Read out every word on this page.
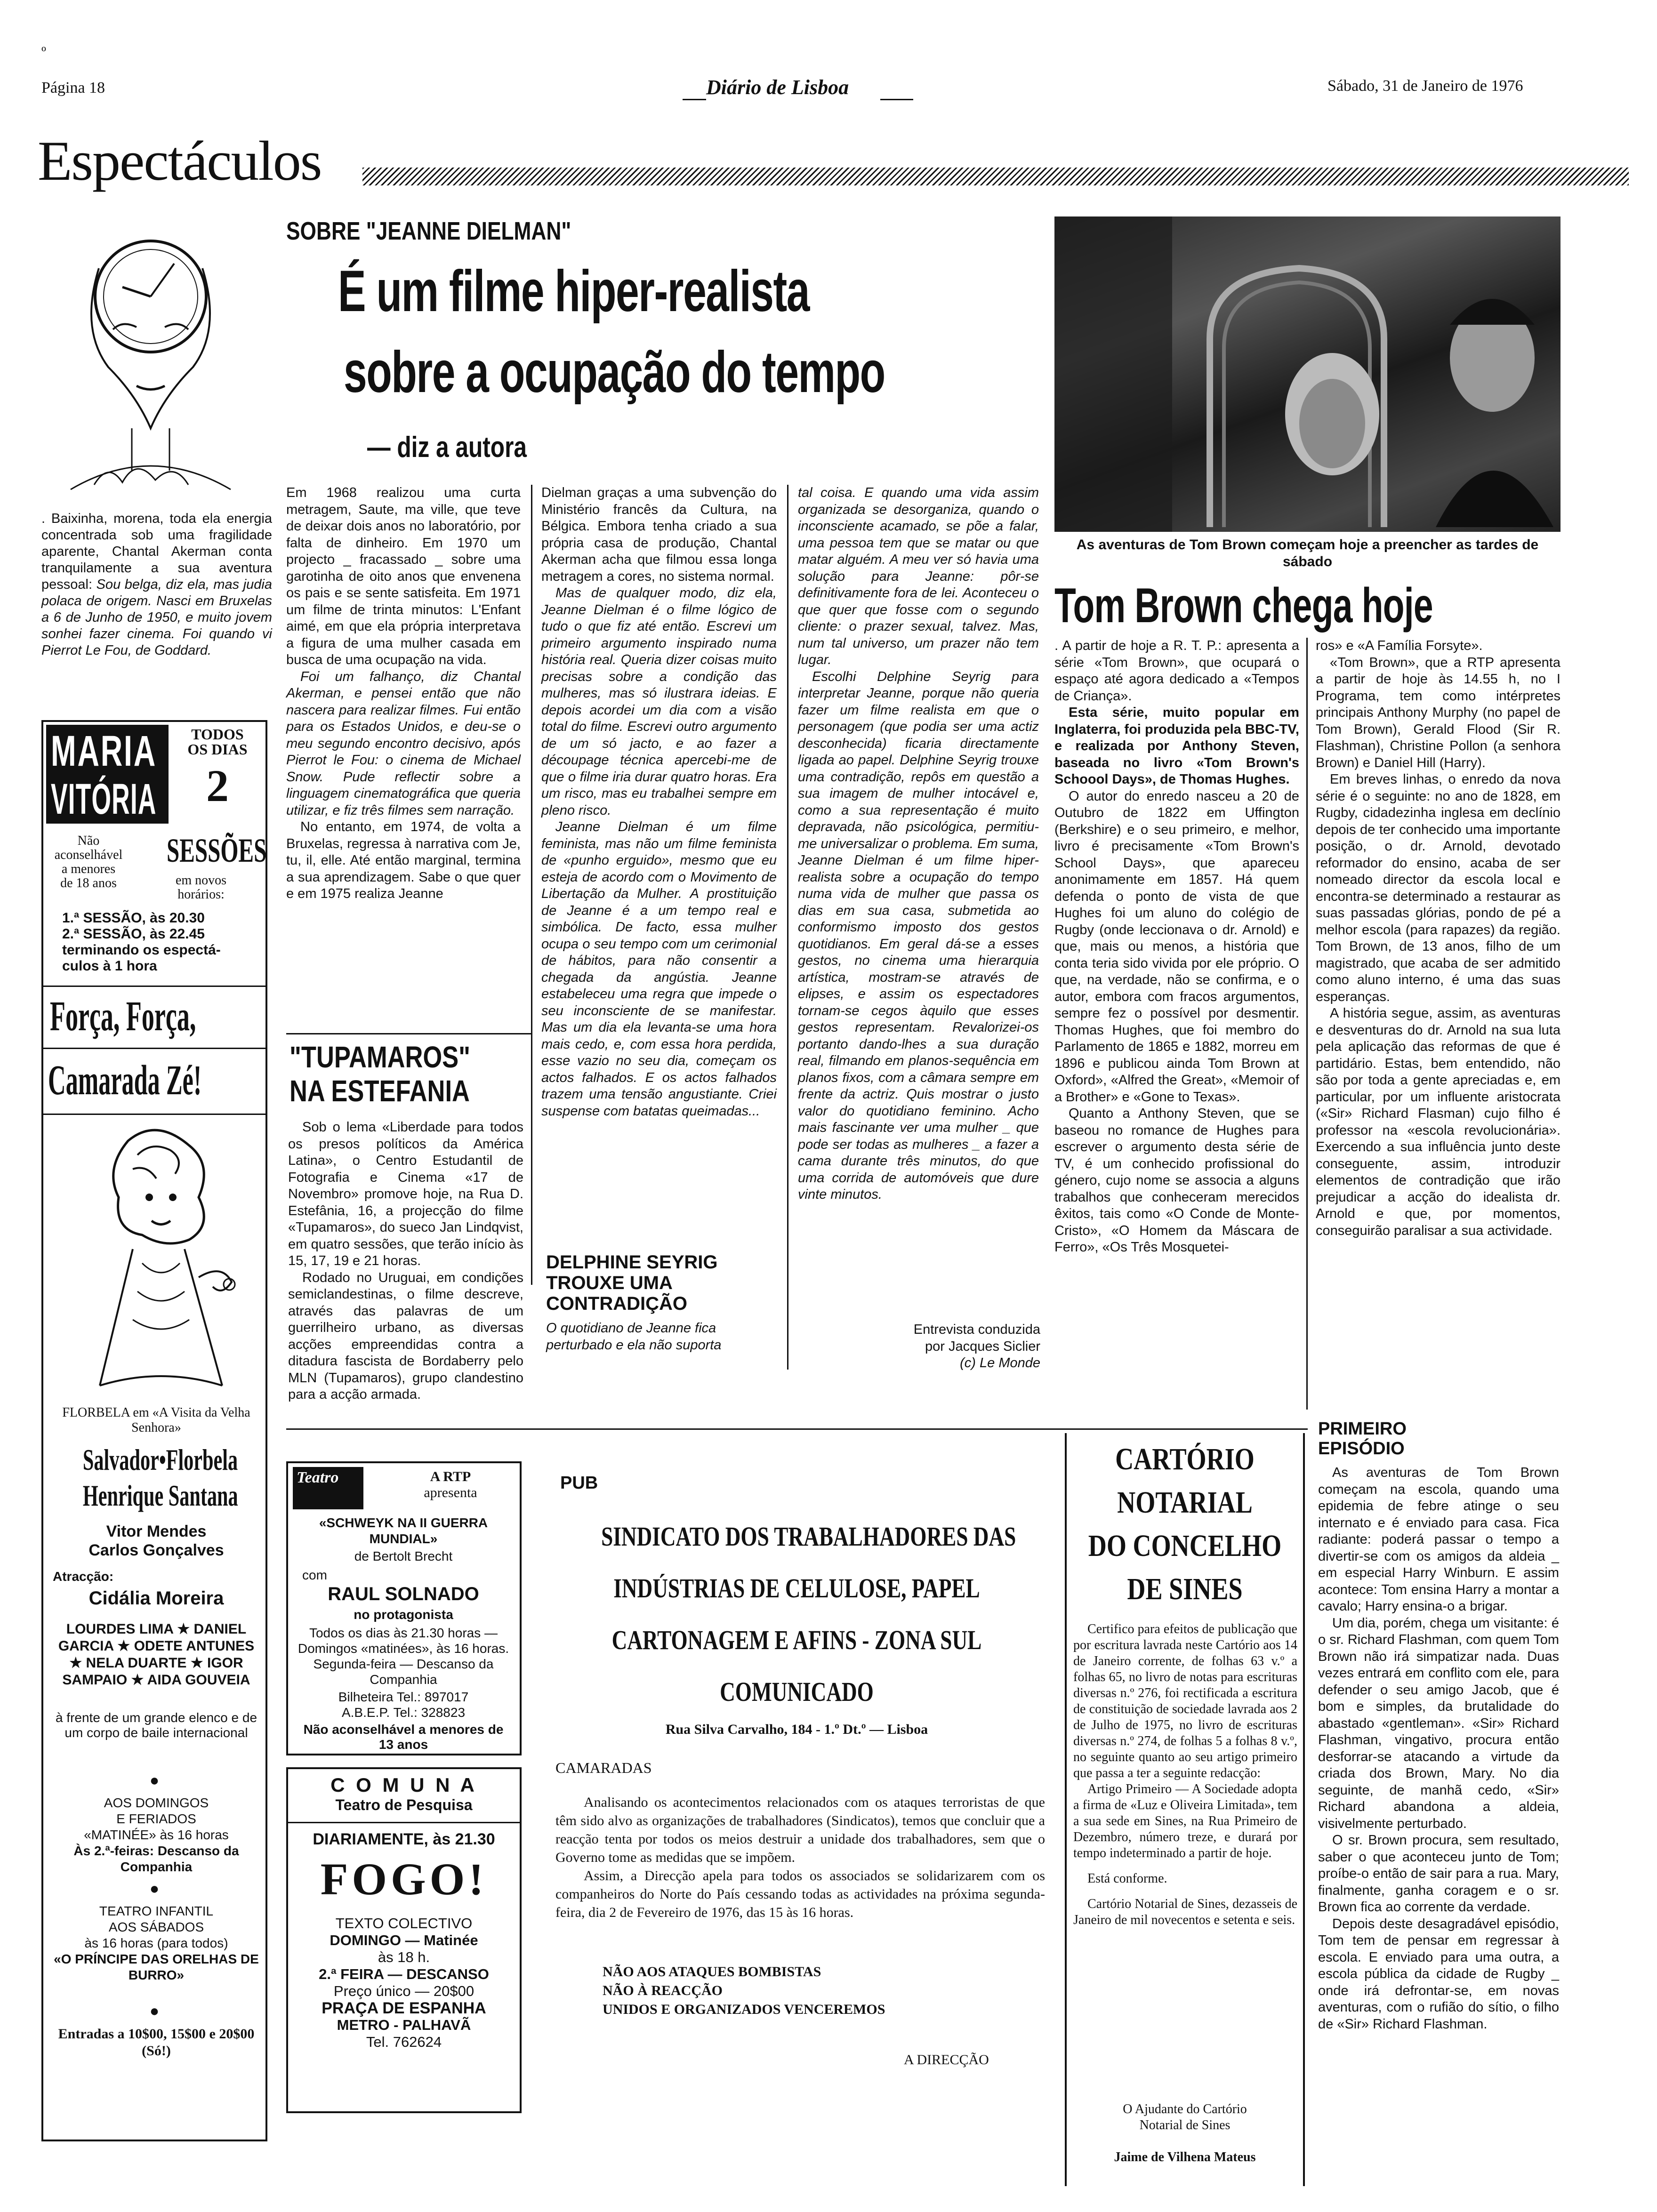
º
Página 18	Diário de Lisboa	Sábado, 31 de Janeiro de 1976
Espectáculos
. Baixinha, morena, toda ela energia concentrada sob uma fragilidade aparente, Chantal Akerman conta tranquilamente a sua aventura pessoal: Sou belga, diz ela, mas judia polaca de origem. Nasci em Bruxelas a 6 de Junho de 1950, e muito jovem sonhei fazer cinema. Foi quando vi Pierrot Le Fou, de Goddard.
SOBRE "JEANNE DIELMAN"
É um filme hiper-realista
sobre a ocupação do tempo
— diz a autora

Em 1968 realizou uma curta metragem, Saute, ma ville, que teve de deixar dois anos no laboratório, por falta de dinheiro. Em 1970 um projecto _ fracassado _ sobre uma garotinha de oito anos que envenena os pais e se sente satisfeita. Em 1971 um filme de trinta minutos: L'Enfant aimé, em que ela própria interpretava a figura de uma mulher casada em busca de uma ocupação na vida.

Foi um falhanço, diz Chantal Akerman, e pensei então que não nascera para realizar filmes. Fui então para os Estados Unidos, e deu-se o meu segundo encontro decisivo, após Pierrot le Fou: o cinema de Michael Snow. Pude reflectir sobre a linguagem cinematográfica que queria utilizar, e fiz três filmes sem narração.

No entanto, em 1974, de volta a Bruxelas, regressa à narrativa com Je, tu, il, elle. Até então marginal, termina a sua aprendizagem. Sabe o que quer e em 1975 realiza Jeanne

Dielman graças a uma subvenção do Ministério francês da Cultura, na Bélgica. Embora tenha criado a sua própria casa de produção, Chantal Akerman acha que filmou essa longa metragem a cores, no sistema normal.

Mas de qualquer modo, diz ela, Jeanne Dielman é o filme lógico de tudo o que fiz até então. Escrevi um primeiro argumento inspirado numa história real. Queria dizer coisas muito precisas sobre a condição das mulheres, mas só ilustrara ideias. E depois acordei um dia com a visão total do filme. Escrevi outro argumento de um só jacto, e ao fazer a découpage técnica apercebi-me de que o filme iria durar quatro horas. Era um risco, mas eu trabalhei sempre em pleno risco.

Jeanne Dielman é um filme feminista, mas não um filme feminista de «punho erguido», mesmo que eu esteja de acordo com o Movimento de Libertação da Mulher. A prostituição de Jeanne é a um tempo real e simbólica. De facto, essa mulher ocupa o seu tempo com um cerimonial de hábitos, para não consentir a chegada da angústia. Jeanne estabeleceu uma regra que impede o seu inconsciente de se manifestar. Mas um dia ela levanta-se uma hora mais cedo, e, com essa hora perdida, esse vazio no seu dia, começam os actos falhados. E os actos falhados trazem uma tensão angustiante. Criei suspense com batatas queimadas...

DELPHINE SEYRIG TROUXE UMA CONTRADIÇÃO
O quotidiano de Jeanne fica perturbado e ela não suporta

tal coisa. E quando uma vida assim organizada se desorganiza, quando o inconsciente acamado, se põe a falar, uma pessoa tem que se matar ou que matar alguém. A meu ver só havia uma solução para Jeanne: pôr-se definitivamente fora de lei. Aconteceu o que quer que fosse com o segundo cliente: o prazer sexual, talvez. Mas, num tal universo, um prazer não tem lugar.

Escolhi Delphine Seyrig para interpretar Jeanne, porque não queria fazer um filme realista em que o personagem (que podia ser uma actiz desconhecida) ficaria directamente ligada ao papel. Delphine Seyrig trouxe uma contradição, repôs em questão a sua imagem de mulher intocável e, como a sua representação é muito depravada, não psicológica, permitiu-me universalizar o problema. Em suma, Jeanne Dielman é um filme hiper-realista sobre a ocupação do tempo numa vida de mulher que passa os dias em sua casa, submetida ao conformismo imposto dos gestos quotidianos. Em geral dá-se a esses gestos, no cinema uma hierarquia artística, mostram-se através de elipses, e assim os espectadores tornam-se cegos àquilo que esses gestos representam. Revalorizei-os portanto dando-lhes a sua duração real, filmando em planos-sequência em planos fixos, com a câmara sempre em frente da actriz. Quis mostrar o justo valor do quotidiano feminino. Acho mais fascinante ver uma mulher _ que pode ser todas as mulheres _ a fazer a cama durante três minutos, do que uma corrida de automóveis que dure vinte minutos.

Entrevista conduzida
por Jacques Siclier
(c) Le Monde
"TUPAMAROS"
NA ESTEFANIA

Sob o lema «Liberdade para todos os presos políticos da América Latina», o Centro Estudantil de Fotografia e Cinema «17 de Novembro» promove hoje, na Rua D. Estefânia, 16, a projecção do filme «Tupamaros», do sueco Jan Lindqvist, em quatro sessões, que terão início às 15, 17, 19 e 21 horas.

Rodado no Uruguai, em condições semiclandestinas, o filme descreve, através das palavras de um guerrilheiro urbano, as diversas acções empreendidas contra a ditadura fascista de Bordaberry pelo MLN (Tupamaros), grupo clandestino para a acção armada.

As aventuras de Tom Brown começam hoje a preencher as tardes de sábado
Tom Brown chega hoje

. A partir de hoje a R. T. P.: apresenta a série «Tom Brown», que ocupará o espaço até agora dedicado a «Tempos de Criança».

Esta série, muito popular em Inglaterra, foi produzida pela BBC-TV, e realizada por Anthony Steven, baseada no livro «Tom Brown's Schoool Days», de Thomas Hughes.

O autor do enredo nasceu a 20 de Outubro de 1822 em Uffington (Berkshire) e o seu primeiro, e melhor, livro é precisamente «Tom Brown's School Days», que apareceu anonimamente em 1857. Há quem defenda o ponto de vista de que Hughes foi um aluno do colégio de Rugby (onde leccionava o dr. Arnold) e que, mais ou menos, a história que conta teria sido vivida por ele próprio. O que, na verdade, não se confirma, e o autor, embora com fracos argumentos, sempre fez o possível por desmentir. Thomas Hughes, que foi membro do Parlamento de 1865 e 1882, morreu em 1896 e publicou ainda Tom Brown at Oxford», «Alfred the Great», «Memoir of a Brother» e «Gone to Texas».

Quanto a Anthony Steven, que se baseou no romance de Hughes para escrever o argumento desta série de TV, é um conhecido profissional do género, cujo nome se associa a alguns trabalhos que conheceram merecidos êxitos, tais como «O Conde de Monte-Cristo», «O Homem da Máscara de Ferro», «Os Três Mosquetei-

ros» e «A Família Forsyte».

«Tom Brown», que a RTP apresenta a partir de hoje às 14.55 h, no I Programa, tem como intérpretes principais Anthony Murphy (no papel de Tom Brown), Gerald Flood (Sir R. Flashman), Christine Pollon (a senhora Brown) e Daniel Hill (Harry).

Em breves linhas, o enredo da nova série é o seguinte: no ano de 1828, em Rugby, cidadezinha inglesa em declínio depois de ter conhecido uma importante posição, o dr. Arnold, devotado reformador do ensino, acaba de ser nomeado director da escola local e encontra-se determinado a restaurar as suas passadas glórias, pondo de pé a melhor escola (para rapazes) da região. Tom Brown, de 13 anos, filho de um magistrado, que acaba de ser admitido como aluno interno, é uma das suas esperanças.

A história segue, assim, as aventuras e desventuras do dr. Arnold na sua luta pela aplicação das reformas de que é partidário. Estas, bem entendido, não são por toda a gente apreciadas e, em particular, por um influente aristocrata («Sir» Richard Flasman) cujo filho é professor na «escola revolucionária». Exercendo a sua influência junto deste conseguente, assim, introduzir elementos de contradição que irão prejudicar a acção do idealista dr. Arnold e que, por momentos, conseguirão paralisar a sua actividade.

PRIMEIRO EPISÓDIO

As aventuras de Tom Brown começam na escola, quando uma epidemia de febre atinge o seu internato e é enviado para casa. Fica radiante: poderá passar o tempo a divertir-se com os amigos da aldeia _ em especial Harry Winburn. E assim acontece: Tom ensina Harry a montar a cavalo; Harry ensina-o a brigar.

Um dia, porém, chega um visitante: é o sr. Richard Flashman, com quem Tom Brown não irá simpatizar nada. Duas vezes entrará em conflito com ele, para defender o seu amigo Jacob, que é bom e simples, da brutalidade do abastado «gentleman». «Sir» Richard Flashman, vingativo, procura então desforrar-se atacando a virtude da criada dos Brown, Mary. No dia seguinte, de manhã cedo, «Sir» Richard abandona a aldeia, visivelmente perturbado.

O sr. Brown procura, sem resultado, saber o que aconteceu junto de Tom; proíbe-o então de sair para a rua. Mary, finalmente, ganha coragem e o sr. Brown fica ao corrente da verdade.

Depois deste desagradável episódio, Tom tem de pensar em regressar à escola. E enviado para uma outra, a escola pública da cidade de Rugby _ onde irá defrontar-se, em novas aventuras, com o rufião do sítio, o filho de «Sir» Richard Flashman.

MARIA
VITÓRIA
TODOS
OS DIAS
2
SESSÕES
Não
aconselhável
a menores
de 18 anos	em novos
horários:
1.ª SESSÃO, às 20.30
2.ª SESSÃO, às 22.45
terminando os espectá-
culos à 1 hora
Força, Força,
Camarada Zé!
FLORBELA em «A Visita da Velha Senhora»
Salvador•Florbela
Henrique Santana
Vitor Mendes
Carlos Gonçalves
Atracção:
Cidália Moreira
LOURDES LIMA ★ DANIEL GARCIA ★ ODETE ANTUNES ★ NELA DUARTE ★ IGOR SAMPAIO ★ AIDA GOUVEIA
à frente de um grande elenco e de um corpo de baile internacional
●
AOS DOMINGOS
E FERIADOS
«MATINÉE» às 16 horas
Às 2.ª-feiras: Descanso da Companhia
●
TEATRO INFANTIL
AOS SÁBADOS
às 16 horas (para todos)
«O PRÍNCIPE DAS ORELHAS DE BURRO»
●
Entradas a 10$00, 15$00 e 20$00 (Só!)
Teatro	A RTP
apresenta
«SCHWEYK NA II GUERRA MUNDIAL»
de Bertolt Brecht
com
RAUL SOLNADO
no protagonista
Todos os dias às 21.30 horas — Domingos «matinées», às 16 horas. Segunda-feira — Descanso da Companhia
Bilheteira Tel.: 897017
A.B.E.P. Tel.: 328823
Não aconselhável a menores de 13 anos
C O M U N A
Teatro de Pesquisa
DIARIAMENTE, às 21.30
FOGO!
TEXTO COLECTIVO
DOMINGO — Matinée
às 18 h.
2.ª FEIRA — DESCANSO
Preço único — 20$00
PRAÇA DE ESPANHA
METRO - PALHAVÃ
Tel. 762624
PUB
SINDICATO DOS TRABALHADORES DAS
INDÚSTRIAS DE CELULOSE, PAPEL
CARTONAGEM E AFINS - ZONA SUL
COMUNICADO
Rua Silva Carvalho, 184 - 1.º Dt.º — Lisboa
CAMARADAS

Analisando os acontecimentos relacionados com os ataques terroristas de que têm sido alvo as organizações de trabalhadores (Sindicatos), temos que concluir que a reacção tenta por todos os meios destruir a unidade dos trabalhadores, sem que o Governo tome as medidas que se impõem.

Assim, a Direcção apela para todos os associados se solidarizarem com os companheiros do Norte do País cessando todas as actividades na próxima segunda-feira, dia 2 de Fevereiro de 1976, das 15 às 16 horas.

NÃO AOS ATAQUES BOMBISTAS
NÃO À REACÇÃO
UNIDOS E ORGANIZADOS VENCEREMOS
A DIRECÇÃO
CARTÓRIO
NOTARIAL
DO CONCELHO
DE SINES

Certifico para efeitos de publicação que por escritura lavrada neste Cartório aos 14 de Janeiro corrente, de folhas 63 v.º a folhas 65, no livro de notas para escrituras diversas n.º 276, foi rectificada a escritura de constituição de sociedade lavrada aos 2 de Julho de 1975, no livro de escrituras diversas n.º 274, de folhas 5 a folhas 8 v.º, no seguinte quanto ao seu artigo primeiro que passa a ter a seguinte redacção:

Artigo Primeiro — A Sociedade adopta a firma de «Luz e Oliveira Limitada», tem a sua sede em Sines, na Rua Primeiro de Dezembro, número treze, e durará por tempo indeterminado a partir de hoje.

Está conforme.

Cartório Notarial de Sines, dezasseis de Janeiro de mil novecentos e setenta e seis.

O Ajudante do Cartório
Notarial de Sines
Jaime de Vilhena Mateus
